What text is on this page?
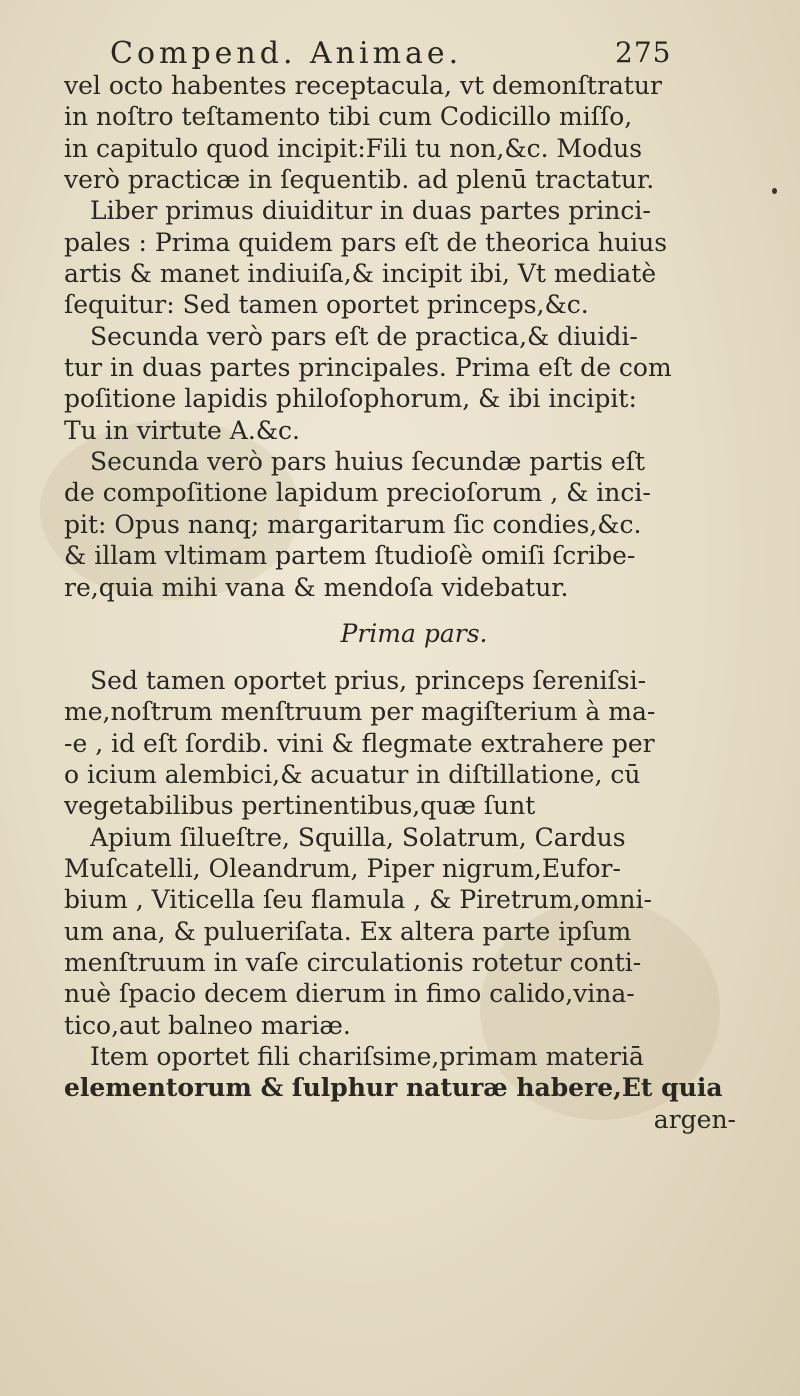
Compend. Animae.	275
vel octo habentes receptacula, vt demonſtratur
in noſtro teſtamento tibi cum Codicillo miſſo,
in capitulo quod incipit:Fili tu non,&c. Modus
verò practicæ in ſequentib. ad plenū tractatur.
Liber primus diuiditur in duas partes princi-
pales : Prima quidem pars eſt de theorica huius
artis & manet indiuiſa,& incipit ibi, Vt mediatè
ſequitur: Sed tamen oportet princeps,&c.
Secunda verò pars eſt de practica,& diuidi-
tur in duas partes principales. Prima eſt de com
poſitione lapidis philoſophorum, & ibi incipit:
Tu in virtute A.&c.
Secunda verò pars huius ſecundæ partis eſt
de compoſitione lapidum precioſorum , & inci-
pit: Opus nanq; margaritarum ſic condies,&c.
& illam vltimam partem ſtudioſè omiſi ſcribe-
re,quia mihi vana & mendoſa videbatur.
Prima pars.
Sed tamen oportet prius, princeps ſereniſsi-
me,noſtrum menſtruum per magiſterium à ma-
-e , id eſt ſordib. vini & flegmate extrahere per
o icium alembici,& acuatur in diſtillatione, cū
vegetabilibus pertinentibus,quæ ſunt
Apium ſilueſtre, Squilla, Solatrum, Cardus
Muſcatelli, Oleandrum, Piper nigrum,Eufor-
bium , Viticella ſeu flamula , & Piretrum,omni-
um ana, & pulueriſata. Ex altera parte ipſum
menſtruum in vaſe circulationis rotetur conti-
nuè ſpacio decem dierum in fimo calido,vina-
tico,aut balneo mariæ.
Item oportet fili chariſsime,primam materiā
elementorum & ſulphur naturæ habere,Et quia
argen-
